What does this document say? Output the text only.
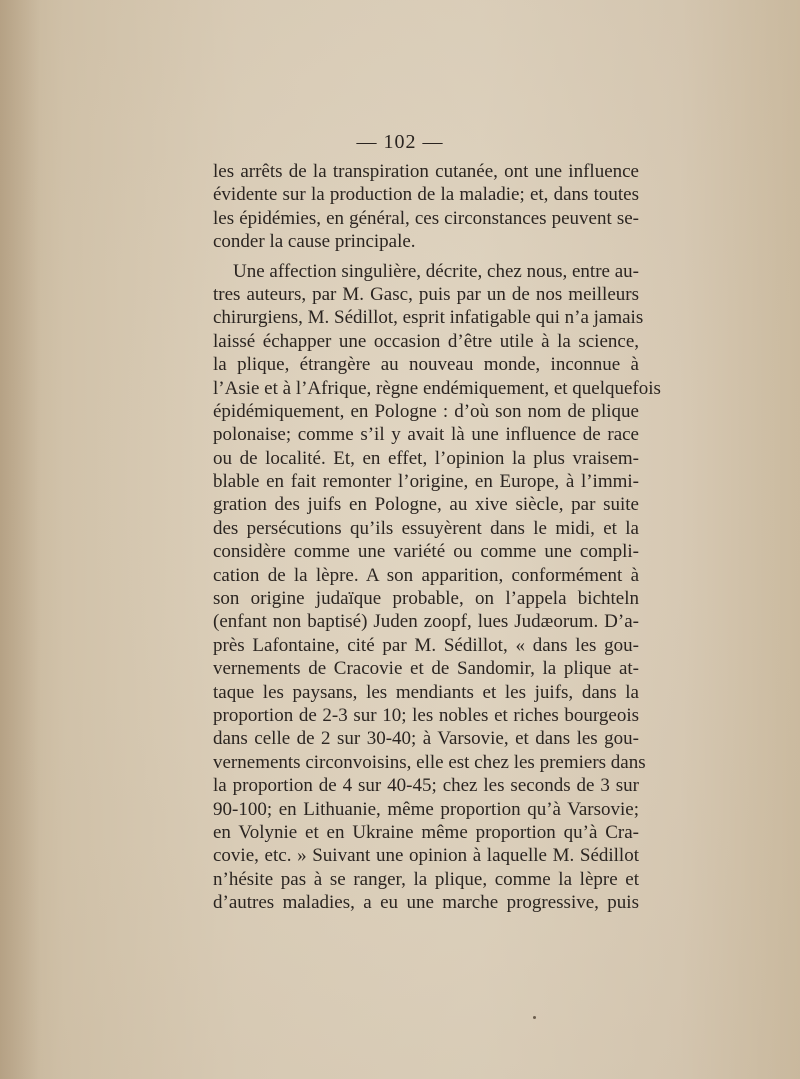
— 102 —
les arrêts de la transpiration cutanée, ont une influence
évidente sur la production de la maladie; et, dans toutes
les épidémies, en général, ces circonstances peuvent se-
conder la cause principale.
Une affection singulière, décrite, chez nous, entre au-
tres auteurs, par M. Gasc, puis par un de nos meilleurs
chirurgiens, M. Sédillot, esprit infatigable qui n’a jamais
laissé échapper une occasion d’être utile à la science,
la plique, étrangère au nouveau monde, inconnue à
l’Asie et à l’Afrique, règne endémiquement, et quelquefois
épidémiquement, en Pologne : d’où son nom de plique
polonaise; comme s’il y avait là une influence de race
ou de localité. Et, en effet, l’opinion la plus vraisem-
blable en fait remonter l’origine, en Europe, à l’immi-
gration des juifs en Pologne, au xive siècle, par suite
des persécutions qu’ils essuyèrent dans le midi, et la
considère comme une variété ou comme une compli-
cation de la lèpre. A son apparition, conformément à
son origine judaïque probable, on l’appela bichteln
(enfant non baptisé) Juden zoopf, lues Judæorum. D’a-
près Lafontaine, cité par M. Sédillot, « dans les gou-
vernements de Cracovie et de Sandomir, la plique at-
taque les paysans, les mendiants et les juifs, dans la
proportion de 2-3 sur 10; les nobles et riches bourgeois
dans celle de 2 sur 30-40; à Varsovie, et dans les gou-
vernements circonvoisins, elle est chez les premiers dans
la proportion de 4 sur 40-45; chez les seconds de 3 sur
90-100; en Lithuanie, même proportion qu’à Varsovie;
en Volynie et en Ukraine même proportion qu’à Cra-
covie, etc. » Suivant une opinion à laquelle M. Sédillot
n’hésite pas à se ranger, la plique, comme la lèpre et
d’autres maladies, a eu une marche progressive, puis
